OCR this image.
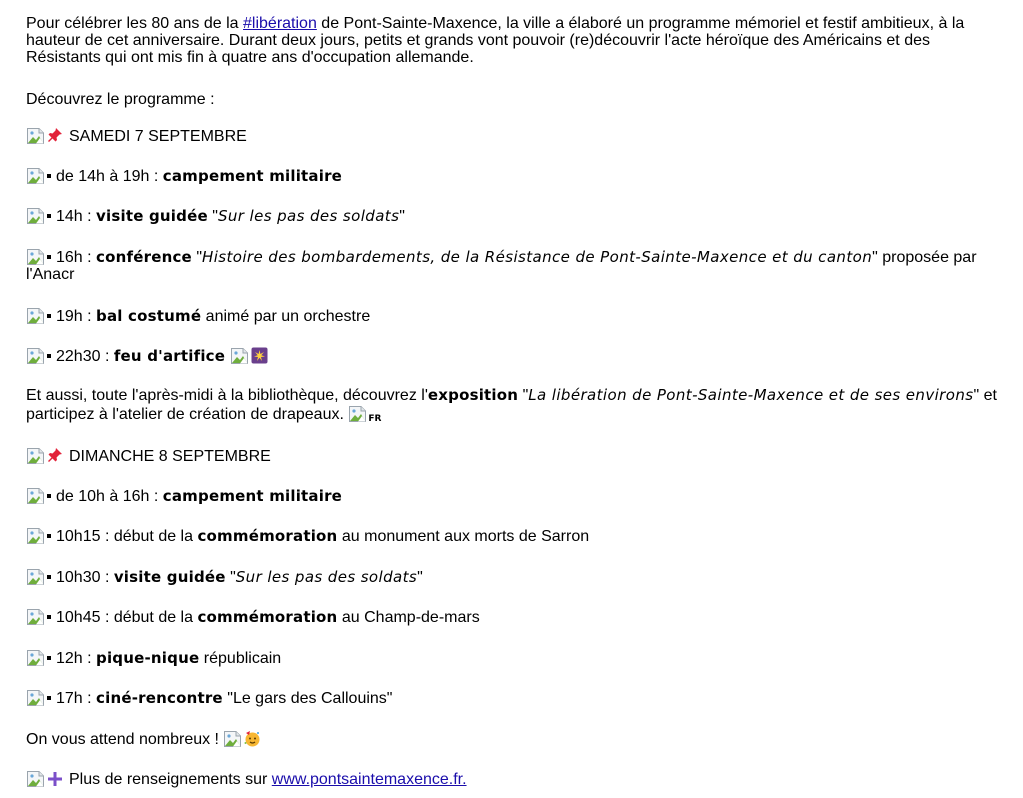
Pour célébrer les 80 ans de la #libération de Pont-Sainte-Maxence, la ville a élaboré un programme mémoriel et festif ambitieux, à la hauteur de cet anniversaire. Durant deux jours, petits et grands vont pouvoir (re)découvrir l'acte héroïque des Américains et des Résistants qui ont mis fin à quatre ans d'occupation allemande.

Découvrez le programme :

SAMEDI 7 SEPTEMBRE

de 14h à 19h : campement militaire

14h : visite guidée "Sur les pas des soldats"

16h : conférence "Histoire des bombardements, de la Résistance de Pont-Sainte-Maxence et du canton" proposée par l'Anacr

19h : bal costumé animé par un orchestre

22h30 : feu d'artifice

Et aussi, toute l'après-midi à la bibliothèque, découvrez l'exposition "La libération de Pont-Sainte-Maxence et de ses environs" et participez à l'atelier de création de drapeaux.
FR

DIMANCHE 8 SEPTEMBRE

de 10h à 16h : campement militaire

10h15 : début de la commémoration au monument aux morts de Sarron

10h30 : visite guidée "Sur les pas des soldats"

10h45 : début de la commémoration au Champ-de-mars

12h : pique-nique républicain

17h : ciné-rencontre "Le gars des Callouins"

On vous attend nombreux !

Plus de renseignements sur www.pontsaintemaxence.fr.
